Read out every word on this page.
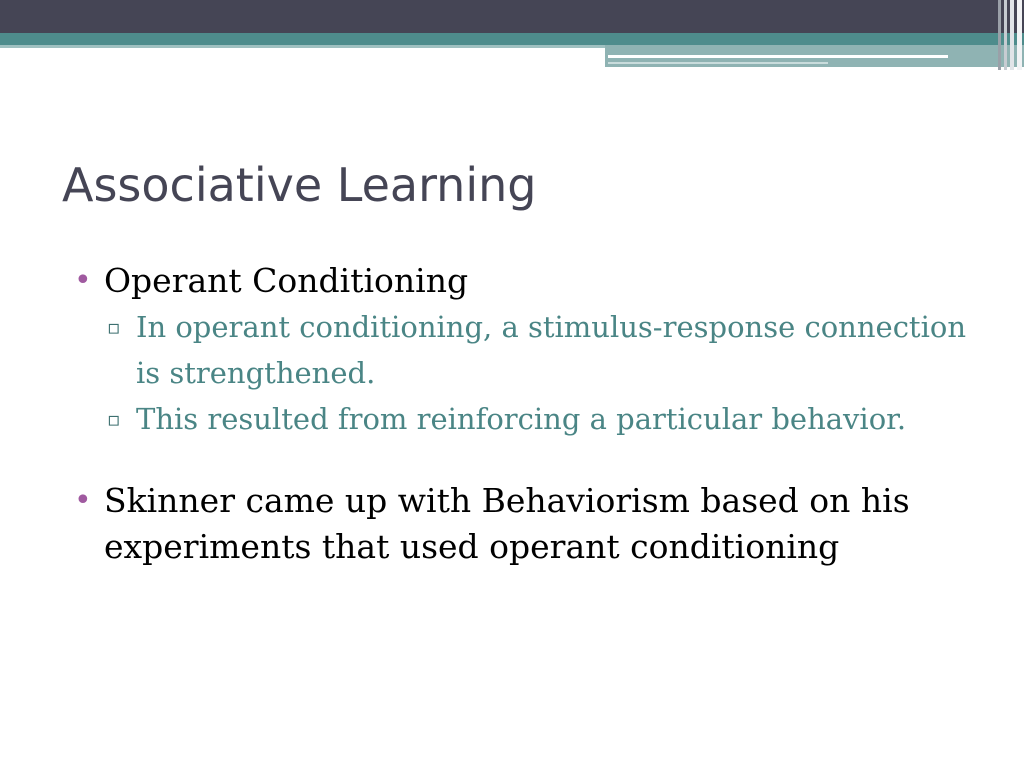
Associative Learning
• Operant Conditioning
▫ In operant conditioning, a stimulus-response connection is strengthened.
▫ This resulted from reinforcing a particular behavior.
• Skinner came up with Behaviorism based on his experiments that used operant conditioning
